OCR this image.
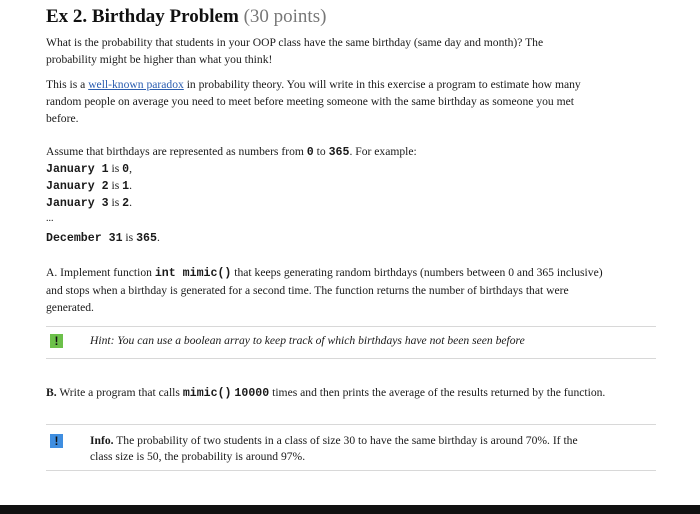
Ex 2. Birthday Problem (30 points)
What is the probability that students in your OOP class have the same birthday (same day and month)? The
probability might be higher than what you think!
This is a well-known paradox in probability theory. You will write in this exercise a program to estimate how many
random people on average you need to meet before meeting someone with the same birthday as someone you met
before.
Assume that birthdays are represented as numbers from 0 to 365. For example:
January 1 is 0,
January 2 is 1.
January 3 is 2.
...
December 31 is 365.
A. Implement function int mimic() that keeps generating random birthdays (numbers between 0 and 365 inclusive)
and stops when a birthday is generated for a second time. The function returns the number of birthdays that were
generated.
!	Hint: You can use a boolean array to keep track of which birthdays have not been seen before
B. Write a program that calls mimic() 10000 times and then prints the average of the results returned by the function.
!	Info. The probability of two students in a class of size 30 to have the same birthday is around 70%. If the
class size is 50, the probability is around 97%.
